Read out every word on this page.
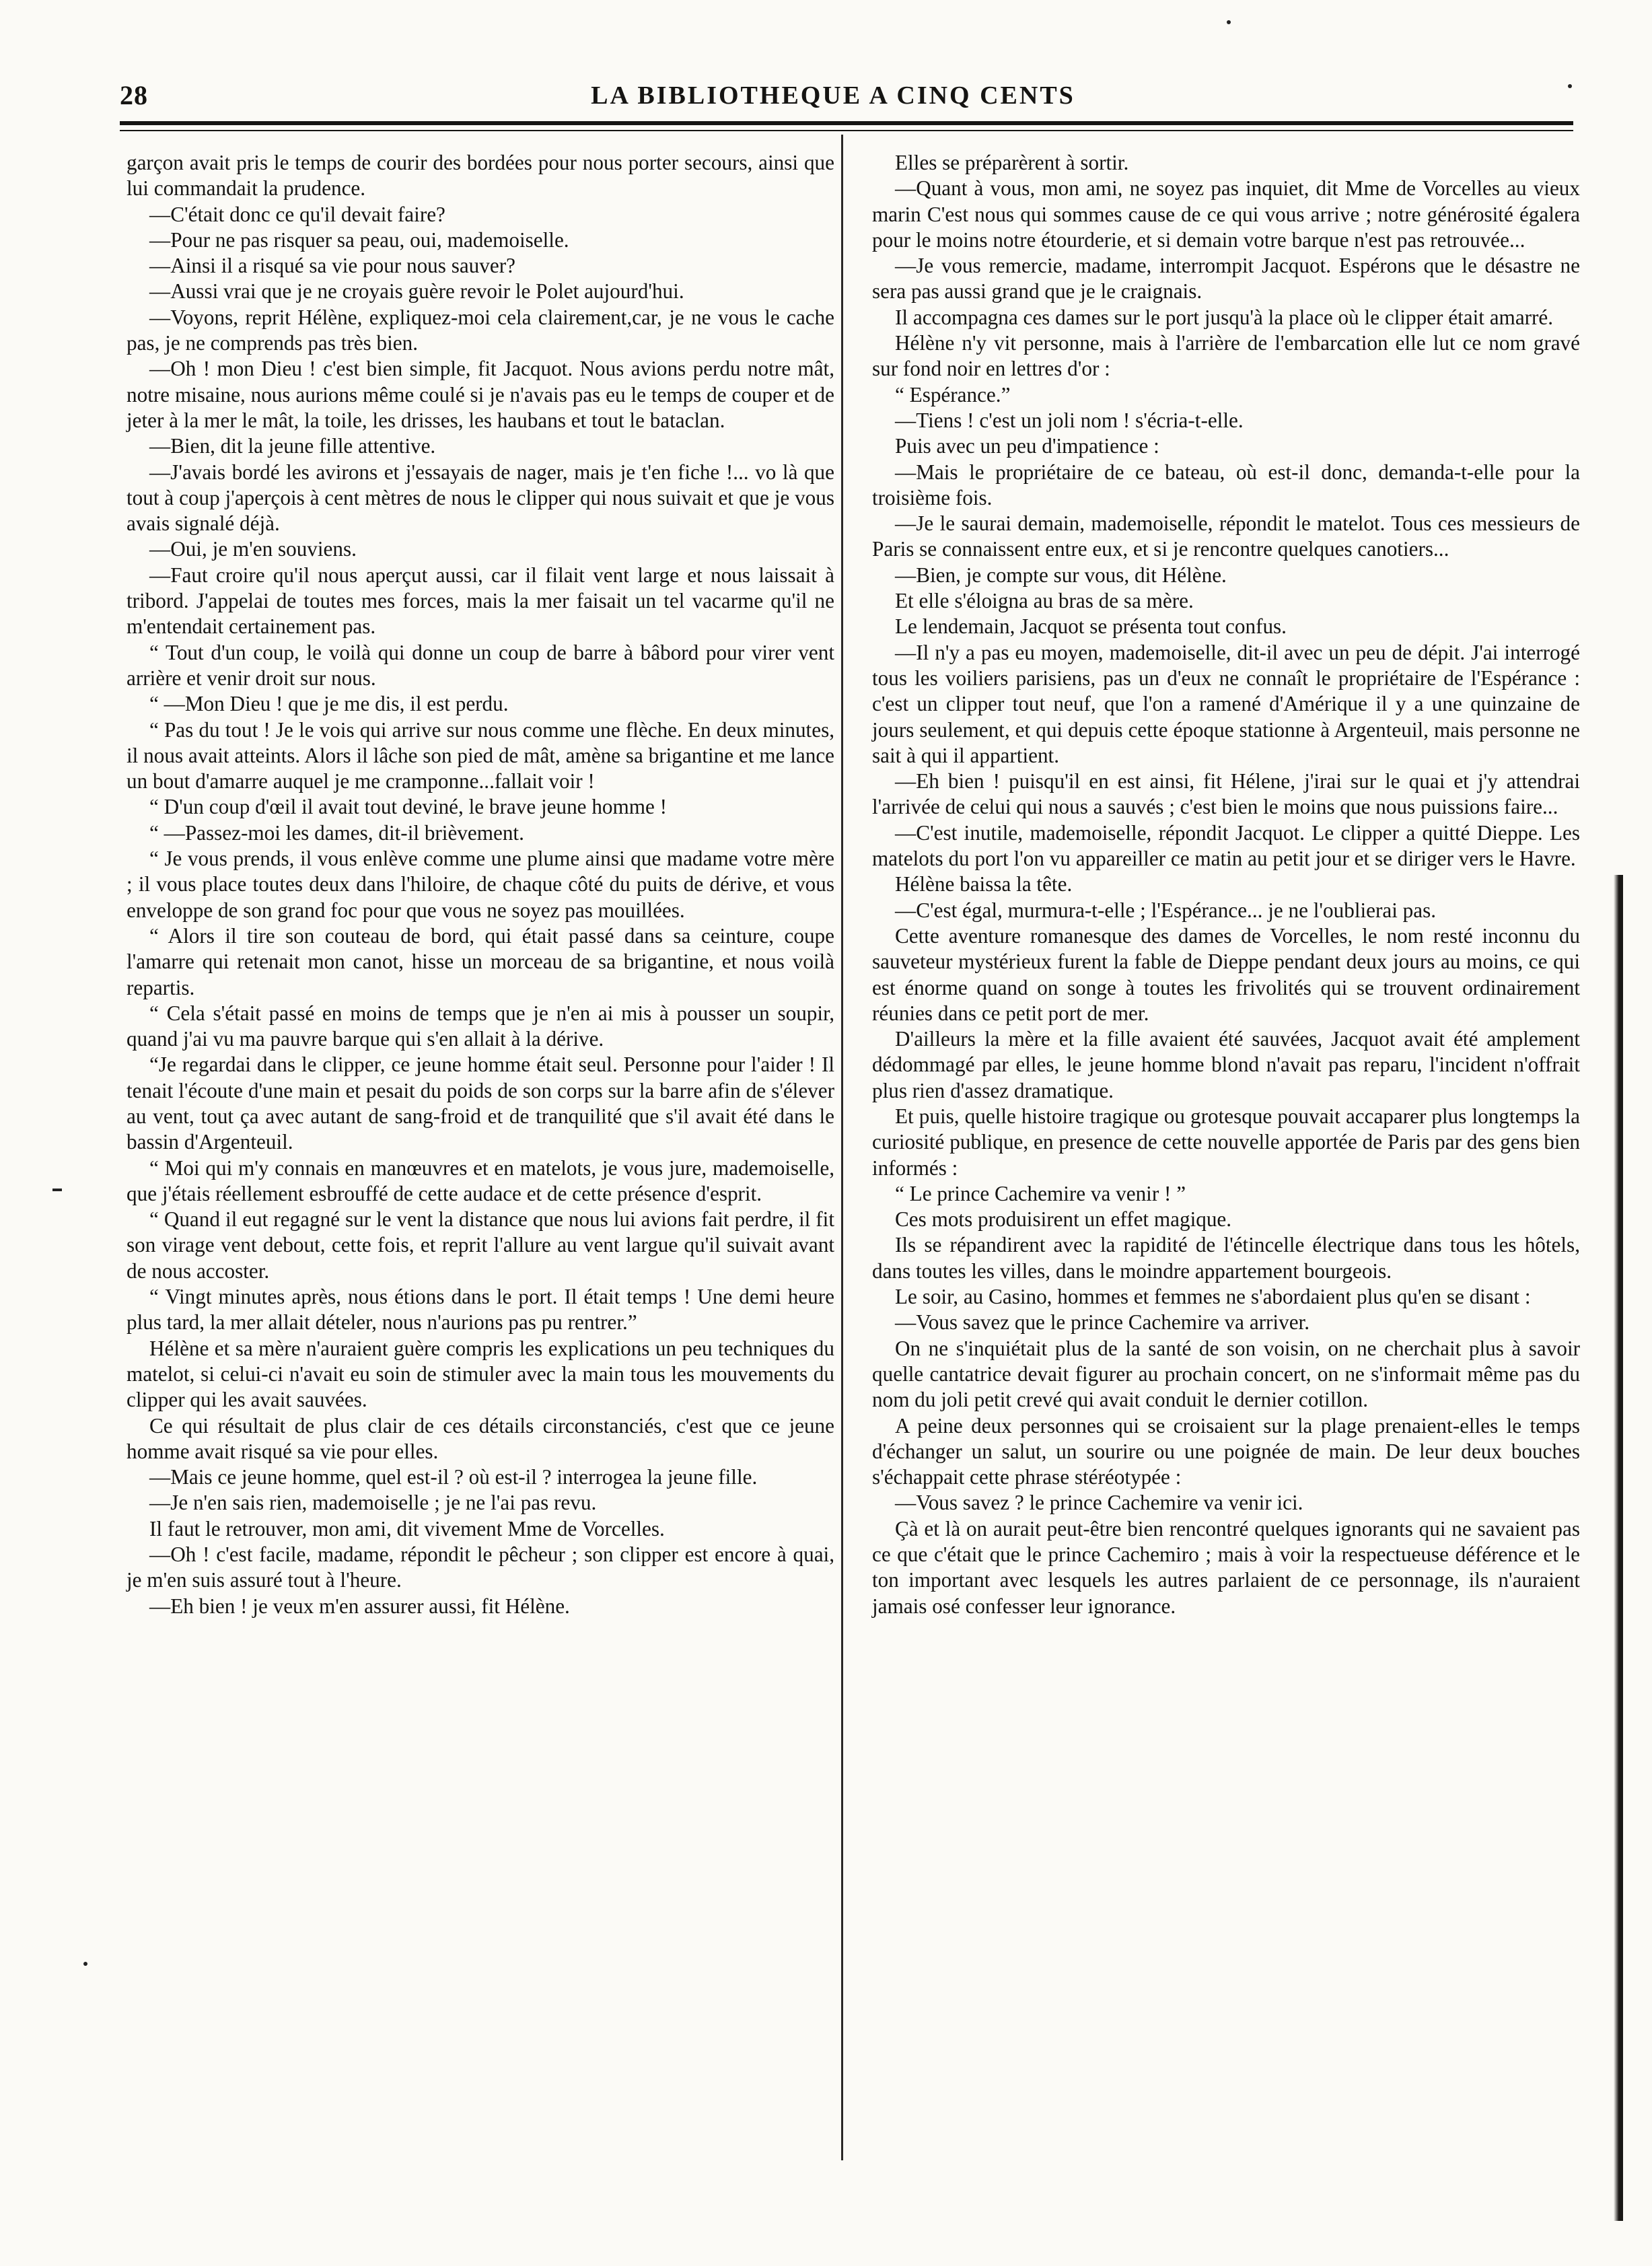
28	LA BIBLIOTHEQUE A CINQ CENTS

garçon avait pris le temps de courir des bordées pour nous porter secours, ainsi que lui commandait la prudence.

—C'était donc ce qu'il devait faire?

—Pour ne pas risquer sa peau, oui, mademoiselle.

—Ainsi il a risqué sa vie pour nous sauver?

—Aussi vrai que je ne croyais guère revoir le Polet aujourd'hui.

—Voyons, reprit Hélène, expliquez-moi cela clairement,car, je ne vous le cache pas, je ne comprends pas très bien.

—Oh ! mon Dieu ! c'est bien simple, fit Jacquot. Nous avions perdu notre mât, notre misaine, nous aurions même coulé si je n'avais pas eu le temps de couper et de jeter à la mer le mât, la toile, les drisses, les haubans et tout le bataclan.

—Bien, dit la jeune fille attentive.

—J'avais bordé les avirons et j'essayais de nager, mais je t'en fiche !... vo là que tout à coup j'aperçois à cent mètres de nous le clipper qui nous suivait et que je vous avais signalé déjà.

—Oui, je m'en souviens.

—Faut croire qu'il nous aperçut aussi, car il filait vent large et nous laissait à tribord. J'appelai de toutes mes forces, mais la mer faisait un tel vacarme qu'il ne m'entendait certainement pas.

“ Tout d'un coup, le voilà qui donne un coup de barre à bâbord pour virer vent arrière et venir droit sur nous.

“ —Mon Dieu ! que je me dis, il est perdu.

“ Pas du tout ! Je le vois qui arrive sur nous comme une flèche. En deux minutes, il nous avait atteints. Alors il lâche son pied de mât, amène sa brigantine et me lance un bout d'amarre auquel je me cramponne...fallait voir !

“ D'un coup d'œil il avait tout deviné, le brave jeune homme !

“ —Passez-moi les dames, dit-il brièvement.

“ Je vous prends, il vous enlève comme une plume ainsi que madame votre mère ; il vous place toutes deux dans l'hiloire, de chaque côté du puits de dérive, et vous enveloppe de son grand foc pour que vous ne soyez pas mouillées.

“ Alors il tire son couteau de bord, qui était passé dans sa ceinture, coupe l'amarre qui retenait mon canot, hisse un morceau de sa brigantine, et nous voilà repartis.

“ Cela s'était passé en moins de temps que je n'en ai mis à pousser un soupir, quand j'ai vu ma pauvre barque qui s'en allait à la dérive.

“Je regardai dans le clipper, ce jeune homme était seul. Personne pour l'aider ! Il tenait l'écoute d'une main et pesait du poids de son corps sur la barre afin de s'élever au vent, tout ça avec autant de sang-froid et de tranquilité que s'il avait été dans le bassin d'Argenteuil.

“ Moi qui m'y connais en manœuvres et en matelots, je vous jure, mademoiselle, que j'étais réellement esbrouffé de cette audace et de cette présence d'esprit.

“ Quand il eut regagné sur le vent la distance que nous lui avions fait perdre, il fit son virage vent debout, cette fois, et reprit l'allure au vent largue qu'il suivait avant de nous accoster.

“ Vingt minutes après, nous étions dans le port. Il était temps ! Une demi heure plus tard, la mer allait dételer, nous n'aurions pas pu rentrer.”

Hélène et sa mère n'auraient guère compris les explications un peu techniques du matelot, si celui-ci n'avait eu soin de stimuler avec la main tous les mouvements du clipper qui les avait sauvées.

Ce qui résultait de plus clair de ces détails circonstanciés, c'est que ce jeune homme avait risqué sa vie pour elles.

—Mais ce jeune homme, quel est-il ? où est-il ? interrogea la jeune fille.

—Je n'en sais rien, mademoiselle ; je ne l'ai pas revu.

Il faut le retrouver, mon ami, dit vivement Mme de Vorcelles.

—Oh ! c'est facile, madame, répondit le pêcheur ; son clipper est encore à quai, je m'en suis assuré tout à l'heure.

—Eh bien ! je veux m'en assurer aussi, fit Hélène.

Elles se préparèrent à sortir.

—Quant à vous, mon ami, ne soyez pas inquiet, dit Mme de Vorcelles au vieux marin C'est nous qui sommes cause de ce qui vous arrive ; notre générosité égalera pour le moins notre étourderie, et si demain votre barque n'est pas retrouvée...

—Je vous remercie, madame, interrompit Jacquot. Espérons que le désastre ne sera pas aussi grand que je le craignais.

Il accompagna ces dames sur le port jusqu'à la place où le clipper était amarré.

Hélène n'y vit personne, mais à l'arrière de l'embarcation elle lut ce nom gravé sur fond noir en lettres d'or :

“ Espérance.”

—Tiens ! c'est un joli nom ! s'écria-t-elle.

Puis avec un peu d'impatience :

—Mais le propriétaire de ce bateau, où est-il donc, demanda-t-elle pour la troisième fois.

—Je le saurai demain, mademoiselle, répondit le matelot. Tous ces messieurs de Paris se connaissent entre eux, et si je rencontre quelques canotiers...

—Bien, je compte sur vous, dit Hélène.

Et elle s'éloigna au bras de sa mère.

Le lendemain, Jacquot se présenta tout confus.

—Il n'y a pas eu moyen, mademoiselle, dit-il avec un peu de dépit. J'ai interrogé tous les voiliers parisiens, pas un d'eux ne connaît le propriétaire de l'Espérance : c'est un clipper tout neuf, que l'on a ramené d'Amérique il y a une quinzaine de jours seulement, et qui depuis cette époque stationne à Argenteuil, mais personne ne sait à qui il appartient.

—Eh bien ! puisqu'il en est ainsi, fit Hélene, j'irai sur le quai et j'y attendrai l'arrivée de celui qui nous a sauvés ; c'est bien le moins que nous puissions faire...

—C'est inutile, mademoiselle, répondit Jacquot. Le clipper a quitté Dieppe. Les matelots du port l'on vu appareiller ce matin au petit jour et se diriger vers le Havre.

Hélène baissa la tête.

—C'est égal, murmura-t-elle ; l'Espérance... je ne l'oublierai pas.

Cette aventure romanesque des dames de Vorcelles, le nom resté inconnu du sauveteur mystérieux furent la fable de Dieppe pendant deux jours au moins, ce qui est énorme quand on songe à toutes les frivolités qui se trouvent ordinairement réunies dans ce petit port de mer.

D'ailleurs la mère et la fille avaient été sauvées, Jacquot avait été amplement dédommagé par elles, le jeune homme blond n'avait pas reparu, l'incident n'offrait plus rien d'assez dramatique.

Et puis, quelle histoire tragique ou grotesque pouvait accaparer plus longtemps la curiosité publique, en presence de cette nouvelle apportée de Paris par des gens bien informés :

“ Le prince Cachemire va venir ! ”

Ces mots produisirent un effet magique.

Ils se répandirent avec la rapidité de l'étincelle électrique dans tous les hôtels, dans toutes les villes, dans le moindre appartement bourgeois.

Le soir, au Casino, hommes et femmes ne s'abordaient plus qu'en se disant :

—Vous savez que le prince Cachemire va arriver.

On ne s'inquiétait plus de la santé de son voisin, on ne cherchait plus à savoir quelle cantatrice devait figurer au prochain concert, on ne s'informait même pas du nom du joli petit crevé qui avait conduit le dernier cotillon.

A peine deux personnes qui se croisaient sur la plage prenaient-elles le temps d'échanger un salut, un sourire ou une poignée de main. De leur deux bouches s'échappait cette phrase stéréotypée :

—Vous savez ? le prince Cachemire va venir ici.

Çà et là on aurait peut-être bien rencontré quelques ignorants qui ne savaient pas ce que c'était que le prince Cachemiro ; mais à voir la respectueuse déférence et le ton important avec lesquels les autres parlaient de ce personnage, ils n'auraient jamais osé confesser leur ignorance.
